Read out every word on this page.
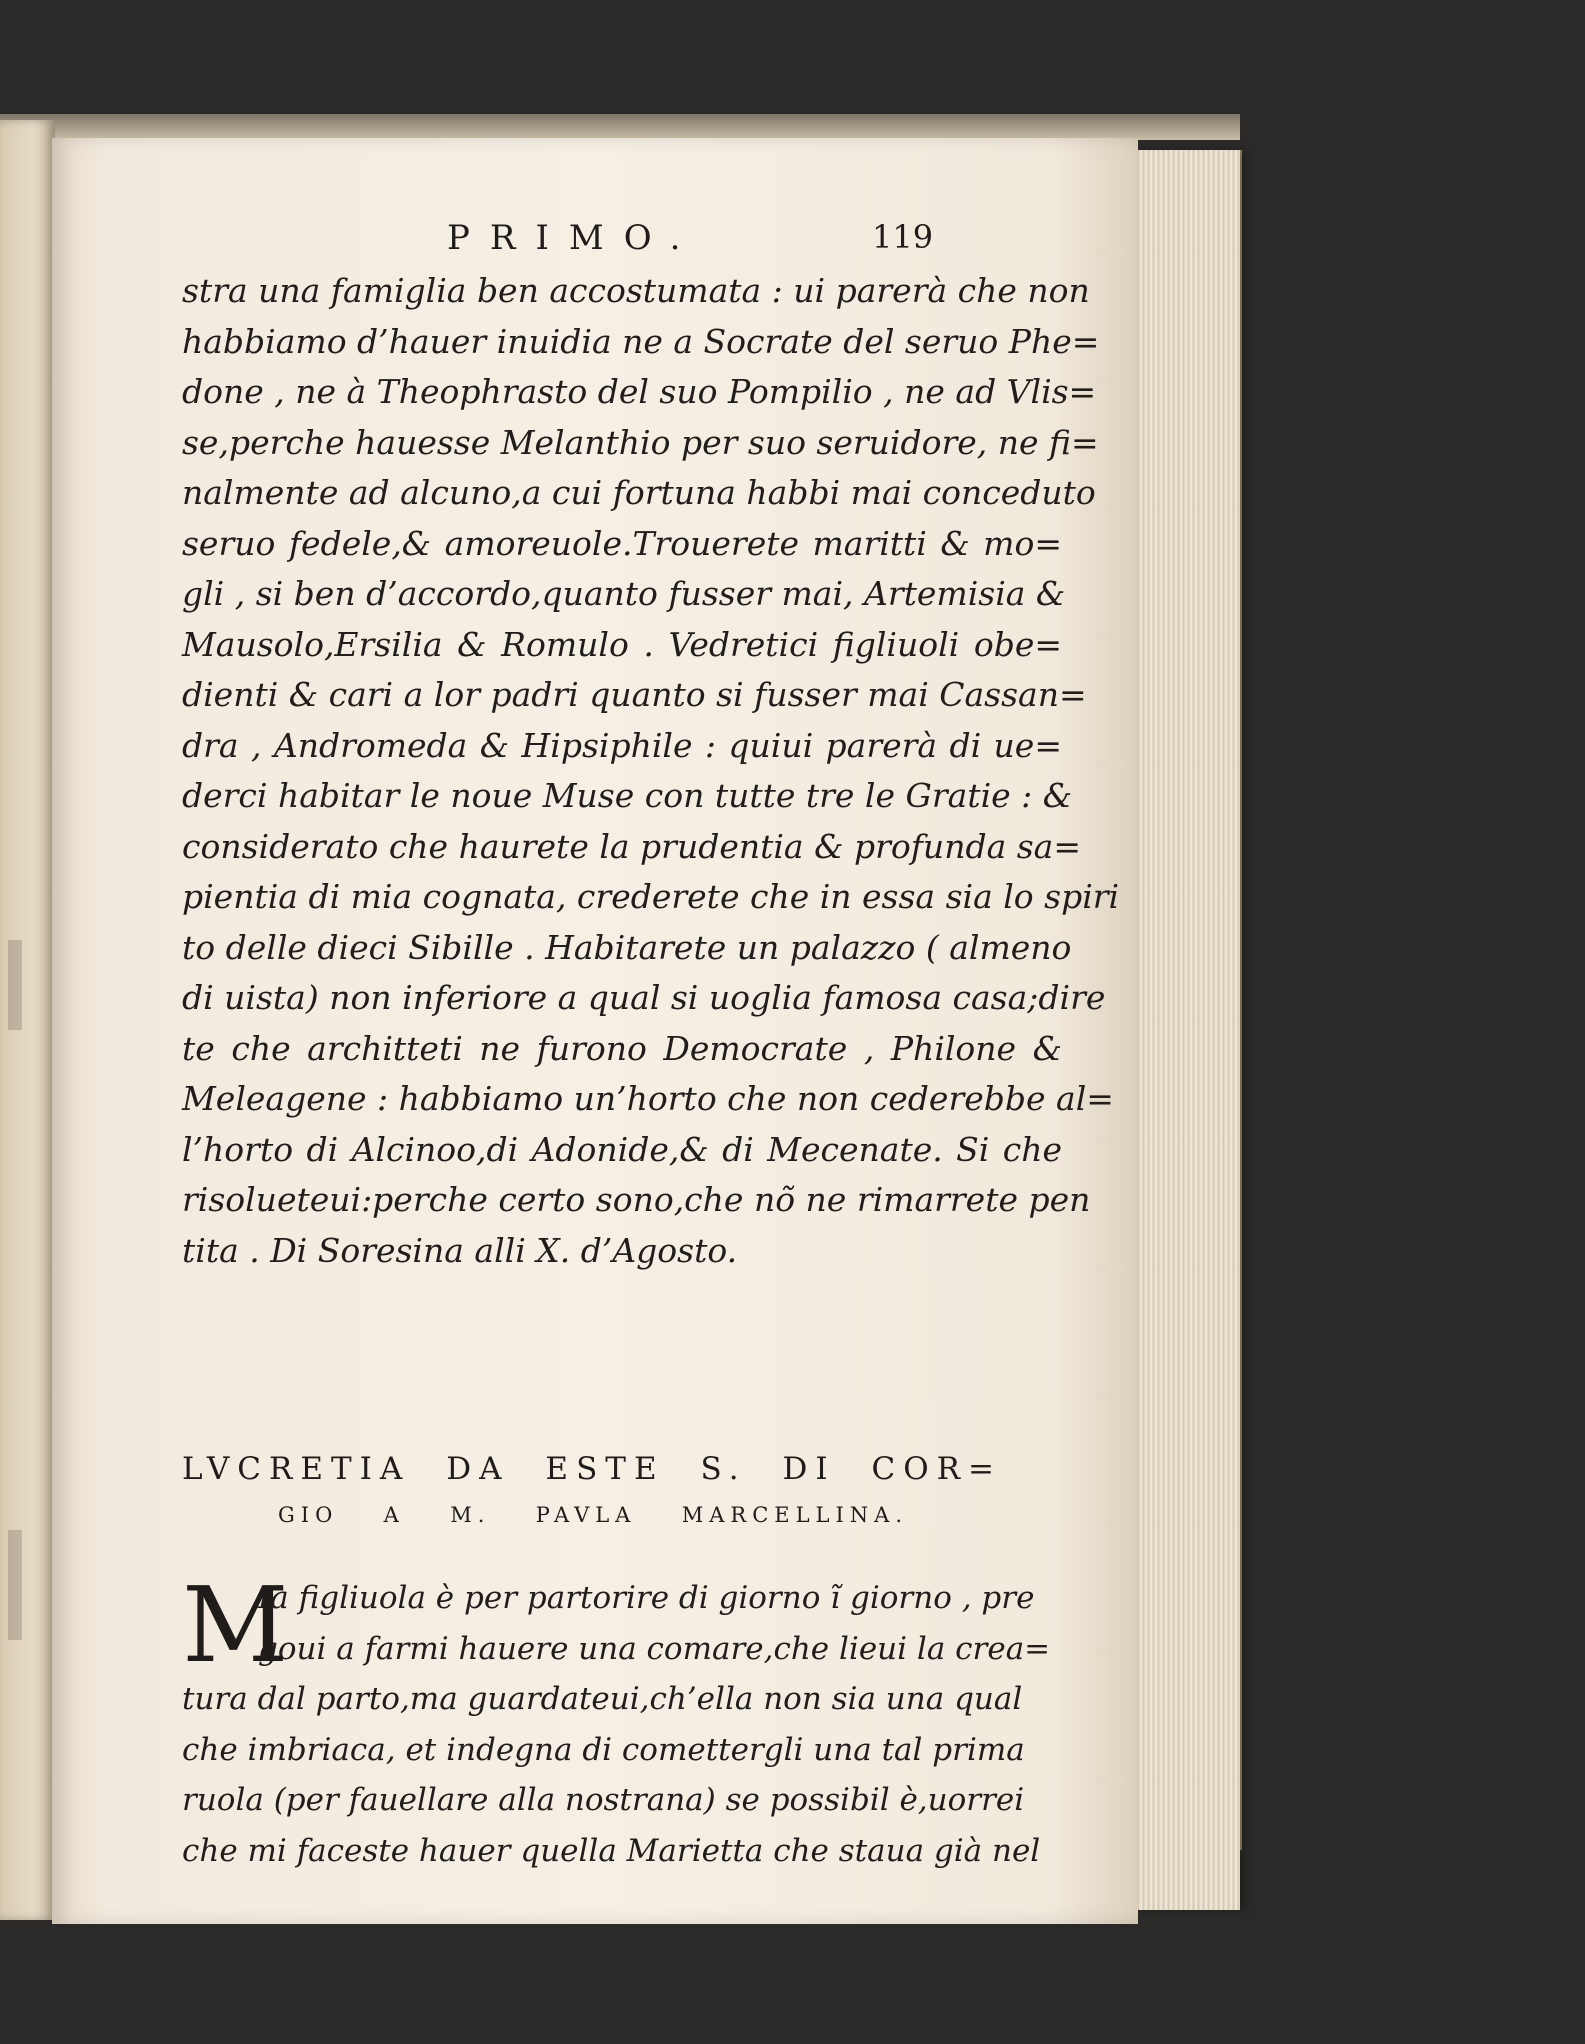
PRIMO.	119
stra una famiglia ben accostumata : ui parerà che non
habbiamo d’hauer inuidia ne a Socrate del seruo Phe=
done , ne à Theophrasto del suo Pompilio , ne ad Vlis=
se,perche hauesse Melanthio per suo seruidore, ne fi=
nalmente ad alcuno,a cui fortuna habbi mai conceduto
seruo fedele,& amoreuole.Trouerete maritti & mo=
gli , si ben d’accordo,quanto fusser mai, Artemisia &
Mausolo,Ersilia & Romulo . Vedretici figliuoli obe=
dienti & cari a lor padri quanto si fusser mai Cassan=
dra , Andromeda & Hipsiphile : quiui parerà di ue=
derci habitar le noue Muse con tutte tre le Gratie : &
considerato che haurete la prudentia & profunda sa=
pientia di mia cognata, crederete che in essa sia lo spiri
to delle dieci Sibille . Habitarete un palazzo ( almeno
di uista) non inferiore a qual si uoglia famosa casa;dire
te che architteti ne furono Democrate , Philone &
Meleagene : habbiamo un’horto che non cederebbe al=
l’horto di Alcinoo,di Adonide,& di Mecenate. Si che
risolueteui:perche certo sono,che nõ ne rimarrete pen
tita . Di Soresina alli X. d’Agosto.
LVCRETIA DA ESTE S. DI COR=
GIO A M. PAVLA MARCELLINA.
M
Ia figliuola è per partorire di giorno ĩ giorno , pre
goui a farmi hauere una comare,che lieui la crea=
tura dal parto,ma guardateui,ch’ella non sia una qual
che imbriaca, et indegna di comettergli una tal prima
ruola (per fauellare alla nostrana) se possibil è,uorrei
che mi faceste hauer quella Marietta che staua già nel
